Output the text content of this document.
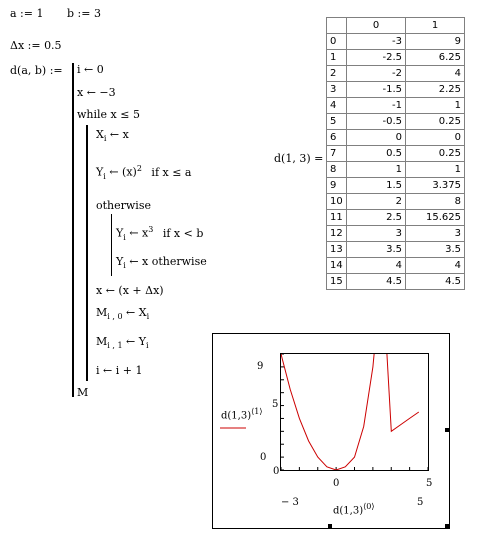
a := 1 b := 3
Δx := 0.5
d(a, b) := i ← 0
x ← −3
while x ≤ 5
$X_i$ ← x
$Y_i$ ← $(x)^2$ if x ≤ a
otherwise
$Y_i$ ← $x^3$ if x < b
$Y_i$ ← x otherwise
x ← (x + Δx)
$M_{i , 0}$ ← $X_i$
$M_{i , 1}$ ← $Y_i$
i ← i + 1
M
d(1, 3) =
	0	1
0	-3	9
1	-2.5	6.25
2	-2	4
3	-1.5	2.25
4	-1	1
5	-0.5	0.25
6	0	0
7	0.5	0.25
8	1	1
9	1.5	3.375
10	2	8
11	2.5	15.625
12	3	3
13	3.5	3.5
14	4	4
15	4.5	4.5
9
5
0
0
$d(1,3)^{⟨1⟩}$
0	5
− 3	5
$d(1,3)^{⟨0⟩}$
